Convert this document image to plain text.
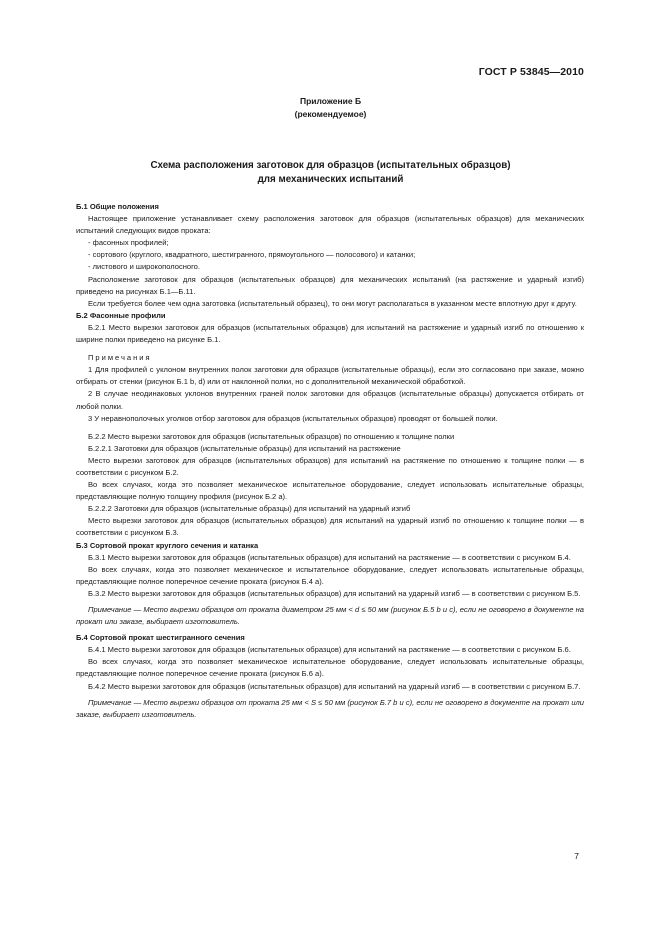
ГОСТ Р 53845—2010
Приложение Б
(рекомендуемое)
Схема расположения заготовок для образцов (испытательных образцов)
для механических испытаний

Б.1 Общие положения

Настоящее приложение устанавливает схему расположения заготовок для образцов (испытательных образцов) для механических испытаний следующих видов проката:

- фасонных профилей;

- сортового (круглого, квадратного, шестигранного, прямоугольного — полосового) и катанки;

- листового и широкополосного.

Расположение заготовок для образцов (испытательных образцов) для механических испытаний (на растяжение и ударный изгиб) приведено на рисунках Б.1—Б.11.

Если требуется более чем одна заготовка (испытательный образец), то они могут располагаться в указанном месте вплотную друг к другу.

Б.2 Фасонные профили

Б.2.1 Место вырезки заготовок для образцов (испытательных образцов) для испытаний на растяжение и ударный изгиб по отношению к ширине полки приведено на рисунке Б.1.

Примечания

1 Для профилей с уклоном внутренних полок заготовки для образцов (испытательные образцы), если это согласовано при заказе, можно отбирать от стенки (рисунок Б.1 b, d) или от наклонной полки, но с дополнительной механической обработкой.

2 В случае неодинаковых уклонов внутренних граней полок заготовки для образцов (испытательные образцы) допускается отбирать от любой полки.

3 У неравнополочных уголков отбор заготовок для образцов (испытательных образцов) проводят от большей полки.

Б.2.2 Место вырезки заготовок для образцов (испытательных образцов) по отношению к толщине полки

Б.2.2.1 Заготовки для образцов (испытательные образцы) для испытаний на растяжение

Место вырезки заготовок для образцов (испытательных образцов) для испытаний на растяжение по отношению к толщине полки — в соответствии с рисунком Б.2.

Во всех случаях, когда это позволяет механическое испытательное оборудование, следует использовать испытательные образцы, представляющие полную толщину профиля (рисунок Б.2 а).

Б.2.2.2 Заготовки для образцов (испытательные образцы) для испытаний на ударный изгиб

Место вырезки заготовок для образцов (испытательных образцов) для испытаний на ударный изгиб по отношению к толщине полки — в соответствии с рисунком Б.3.

Б.3 Сортовой прокат круглого сечения и катанка

Б.3.1 Место вырезки заготовок для образцов (испытательных образцов) для испытаний на растяжение — в соответствии с рисунком Б.4.

Во всех случаях, когда это позволяет механическое и испытательное оборудование, следует использовать испытательные образцы, представляющие полное поперечное сечение проката (рисунок Б.4 а).

Б.3.2 Место вырезки заготовок для образцов (испытательных образцов) для испытаний на ударный изгиб — в соответствии с рисунком Б.5.

Примечание — Место вырезки образцов от проката диаметром 25 мм < d ≤ 50 мм (рисунок Б.5 b и с), если не оговорено в документе на прокат или заказе, выбирает изготовитель.

Б.4 Сортовой прокат шестигранного сечения

Б.4.1 Место вырезки заготовок для образцов (испытательных образцов) для испытаний на растяжение — в соответствии с рисунком Б.6.

Во всех случаях, когда это позволяет механическое испытательное оборудование, следует использовать испытательные образцы, представляющие полное поперечное сечение проката (рисунок Б.6 а).

Б.4.2 Место вырезки заготовок для образцов (испытательных образцов) для испытаний на ударный изгиб — в соответствии с рисунком Б.7.

Примечание — Место вырезки образцов от проката 25 мм < S ≤ 50 мм (рисунок Б.7 b и с), если не оговорено в документе на прокат или заказе, выбирает изготовитель.

7
